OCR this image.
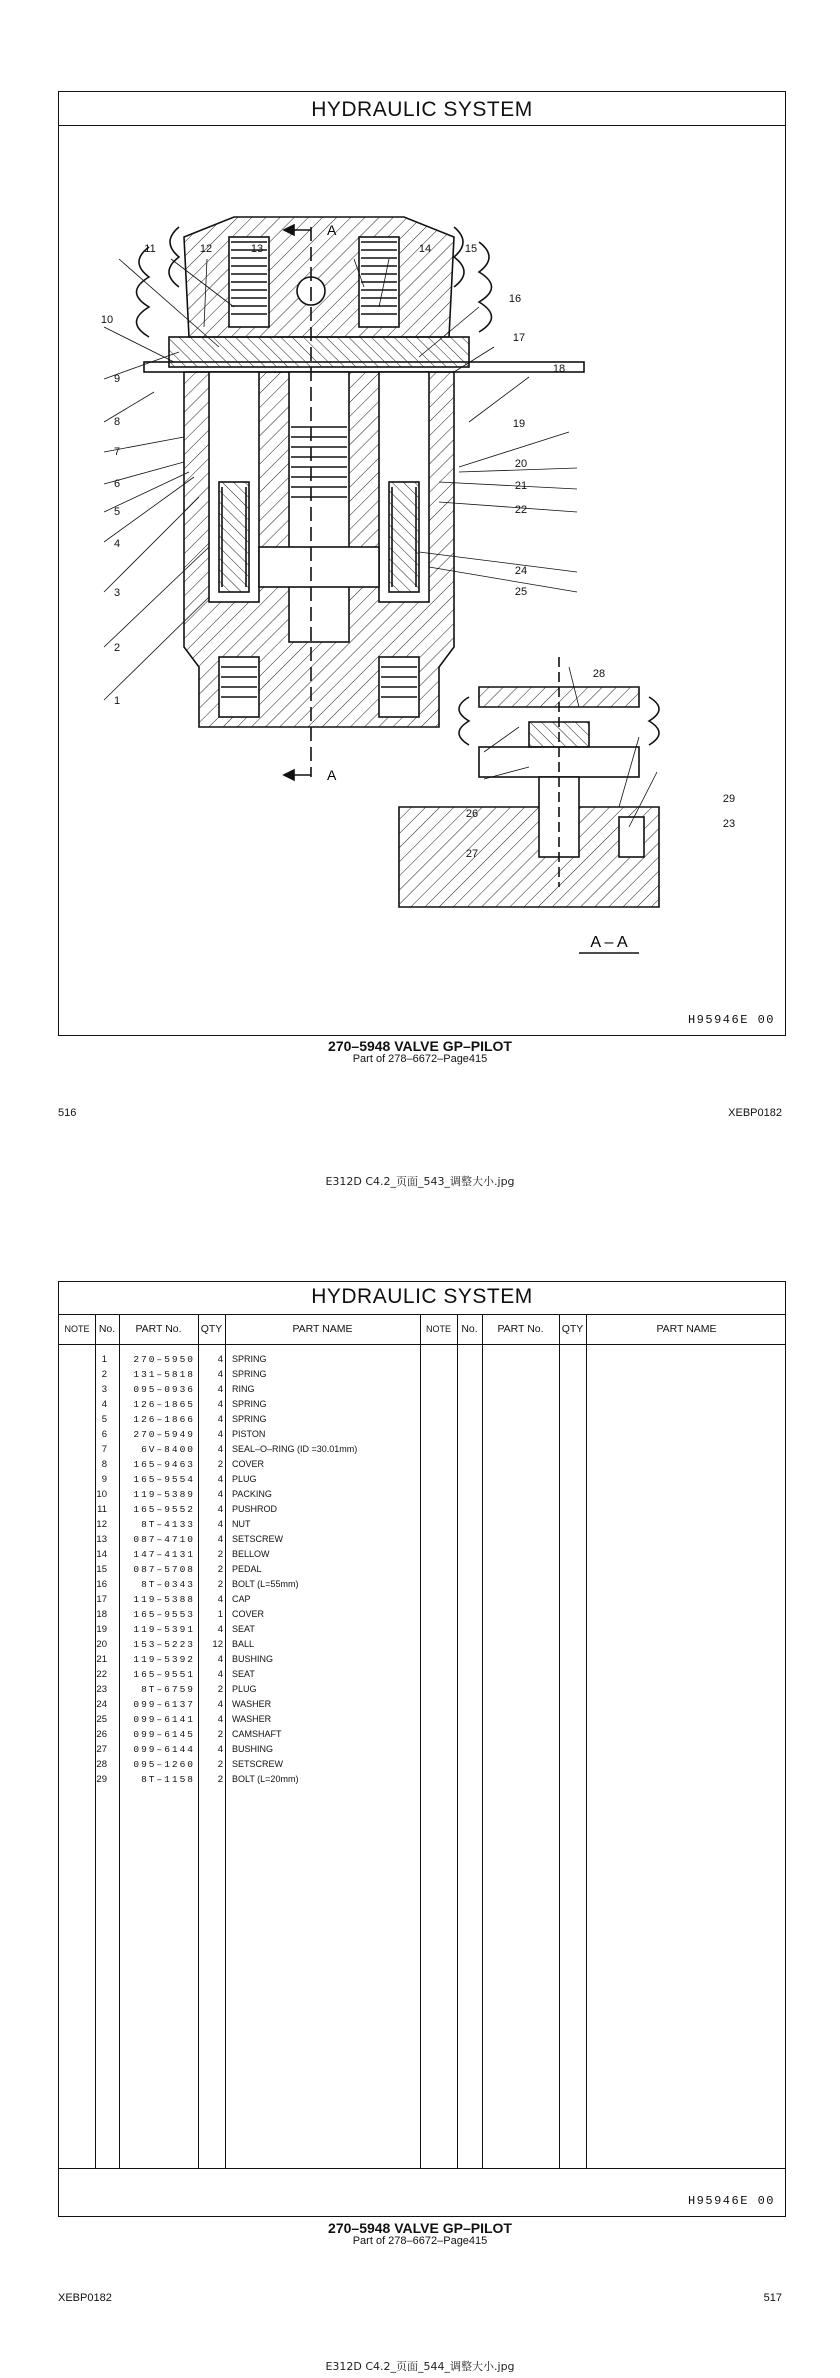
HYDRAULIC SYSTEM
1
2
3
4
5
6
7
8
9
10
11	12	13	14	15
16
17
18
19
20
21
22
23
24
25
26
27
28
29
A
A
A – A
H95946E 00
270–5948 VALVE GP–PILOT
Part of 278–6672–Page415
516	XEBP0182
E312D C4.2_页面_543_调整大小.jpg
HYDRAULIC SYSTEM
NOTE No.	PART No.	QTY	PART NAME	NOTE No.	PART No.	QTY	PART NAME
1	270–5950	4 SPRING
2	131–5818	4 SPRING
3	095–0936	4 RING
4	126–1865	4 SPRING
5	126–1866	4 SPRING
6	270–5949	4 PISTON
7	6V–8400	4 SEAL–O–RING (ID =30.01mm)
8	165–9463	2 COVER
9	165–9554	4 PLUG
10	119–5389	4 PACKING
11	165–9552	4 PUSHROD
12	8T–4133	4 NUT
13	087–4710	4 SETSCREW
14	147–4131	2 BELLOW
15	087–5708	2 PEDAL
16	8T–0343	2 BOLT (L=55mm)
17	119–5388	4 CAP
18	165–9553	1 COVER
19	119–5391	4 SEAT
20	153–5223	12 BALL
21	119–5392	4 BUSHING
22	165–9551	4 SEAT
23	8T–6759	2 PLUG
24	099–6137	4 WASHER
25	099–6141	4 WASHER
26	099–6145	2 CAMSHAFT
27	099–6144	4 BUSHING
28	095–1260	2 SETSCREW
29	8T–1158	2 BOLT (L=20mm)
H95946E 00
270–5948 VALVE GP–PILOT
Part of 278–6672–Page415
XEBP0182	517
E312D C4.2_页面_544_调整大小.jpg
